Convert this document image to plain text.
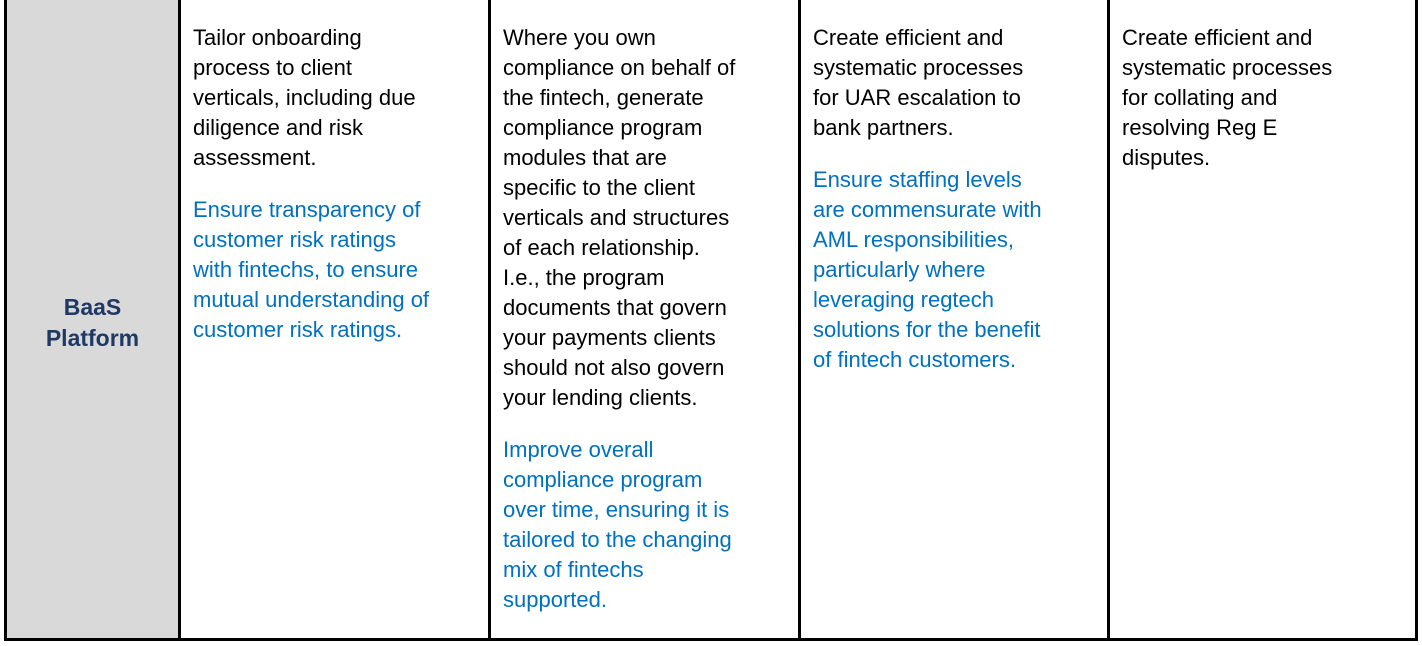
BaaS
Platform

Tailor onboarding
process to client
verticals, including due
diligence and risk
assessment.

Ensure transparency of
customer risk ratings
with fintechs, to ensure
mutual understanding of
customer risk ratings.

Where you own
compliance on behalf of
the fintech, generate
compliance program
modules that are
specific to the client
verticals and structures
of each relationship.
I.e., the program
documents that govern
your payments clients
should not also govern
your lending clients.

Improve overall
compliance program
over time, ensuring it is
tailored to the changing
mix of fintechs
supported.

Create efficient and
systematic processes
for UAR escalation to
bank partners.

Ensure staffing levels
are commensurate with
AML responsibilities,
particularly where
leveraging regtech
solutions for the benefit
of fintech customers.

Create efficient and
systematic processes
for collating and
resolving Reg E
disputes.
